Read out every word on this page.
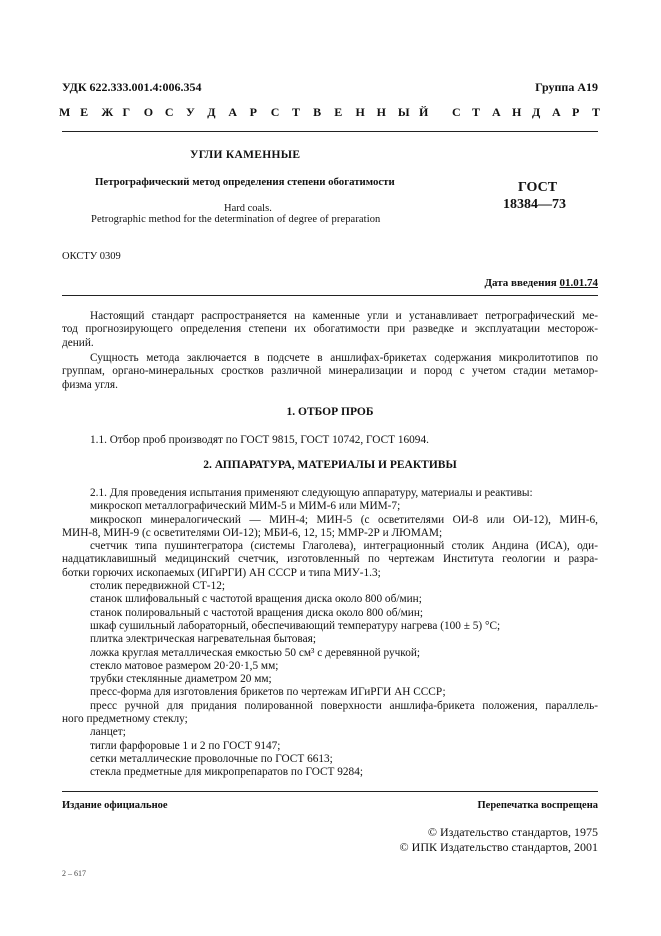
УДК 622.333.001.4:006.354	Группа А19
М Е Ж Г О С У Д А Р С Т В Е Н Н Ы Й С Т А Н Д А Р Т
УГЛИ КАМЕННЫЕ
Петрографический метод определения степени обогатимости
Hard coals.
Petrographic method for the determination of degree of preparation
ГОСТ
18384—73
ОКСТУ 0309
Дата введения 01.01.74
Настоящий стандарт распространяется на каменные угли и устанавливает петрографический ме-
тод прогнозирующего определения степени их обогатимости при разведке и эксплуатации месторож-
дений.
Сущность метода заключается в подсчете в аншлифах-брикетах содержания микролитотипов по
группам, органо-минеральных сростков различной минерализации и пород с учетом стадии метамор-
физма угля.
1. ОТБОР ПРОБ
1.1. Отбор проб производят по ГОСТ 9815, ГОСТ 10742, ГОСТ 16094.
2. АППАРАТУРА, МАТЕРИАЛЫ И РЕАКТИВЫ
2.1. Для проведения испытания применяют следующую аппаратуру, материалы и реактивы:
микроскоп металлографический МИМ-5 и МИМ-6 или МИМ-7;
микроскоп минералогический — МИН-4; МИН-5 (с осветителями ОИ-8 или ОИ-12), МИН-6,
МИН-8, МИН-9 (с осветителями ОИ-12); МБИ-6, 12, 15; ММР-2Р и ЛЮМАМ;
счетчик типа пушинтегратора (системы Глаголева), интеграционный столик Андина (ИСА), оди-
надцатиклавишный медицинский счетчик, изготовленный по чертежам Института геологии и разра-
ботки горючих ископаемых (ИГиРГИ) АН СССР и типа МИУ-1.3;
столик передвижной СТ-12;
станок шлифовальный с частотой вращения диска около 800 об/мин;
станок полировальный с частотой вращения диска около 800 об/мин;
шкаф сушильный лабораторный, обеспечивающий температуру нагрева (100 ± 5) °С;
плитка электрическая нагревательная бытовая;
ложка круглая металлическая емкостью 50 см³ с деревянной ручкой;
стекло матовое размером 20·20·1,5 мм;
трубки стеклянные диаметром 20 мм;
пресс-форма для изготовления брикетов по чертежам ИГиРГИ АН СССР;
пресс ручной для придания полированной поверхности аншлифа-брикета положения, параллель-
ного предметному стеклу;
ланцет;
тигли фарфоровые 1 и 2 по ГОСТ 9147;
сетки металлические проволочные по ГОСТ 6613;
стекла предметные для микропрепаратов по ГОСТ 9284;
Издание официальное	Перепечатка воспрещена
© Издательство стандартов, 1975
© ИПК Издательство стандартов, 2001
2 – 617
